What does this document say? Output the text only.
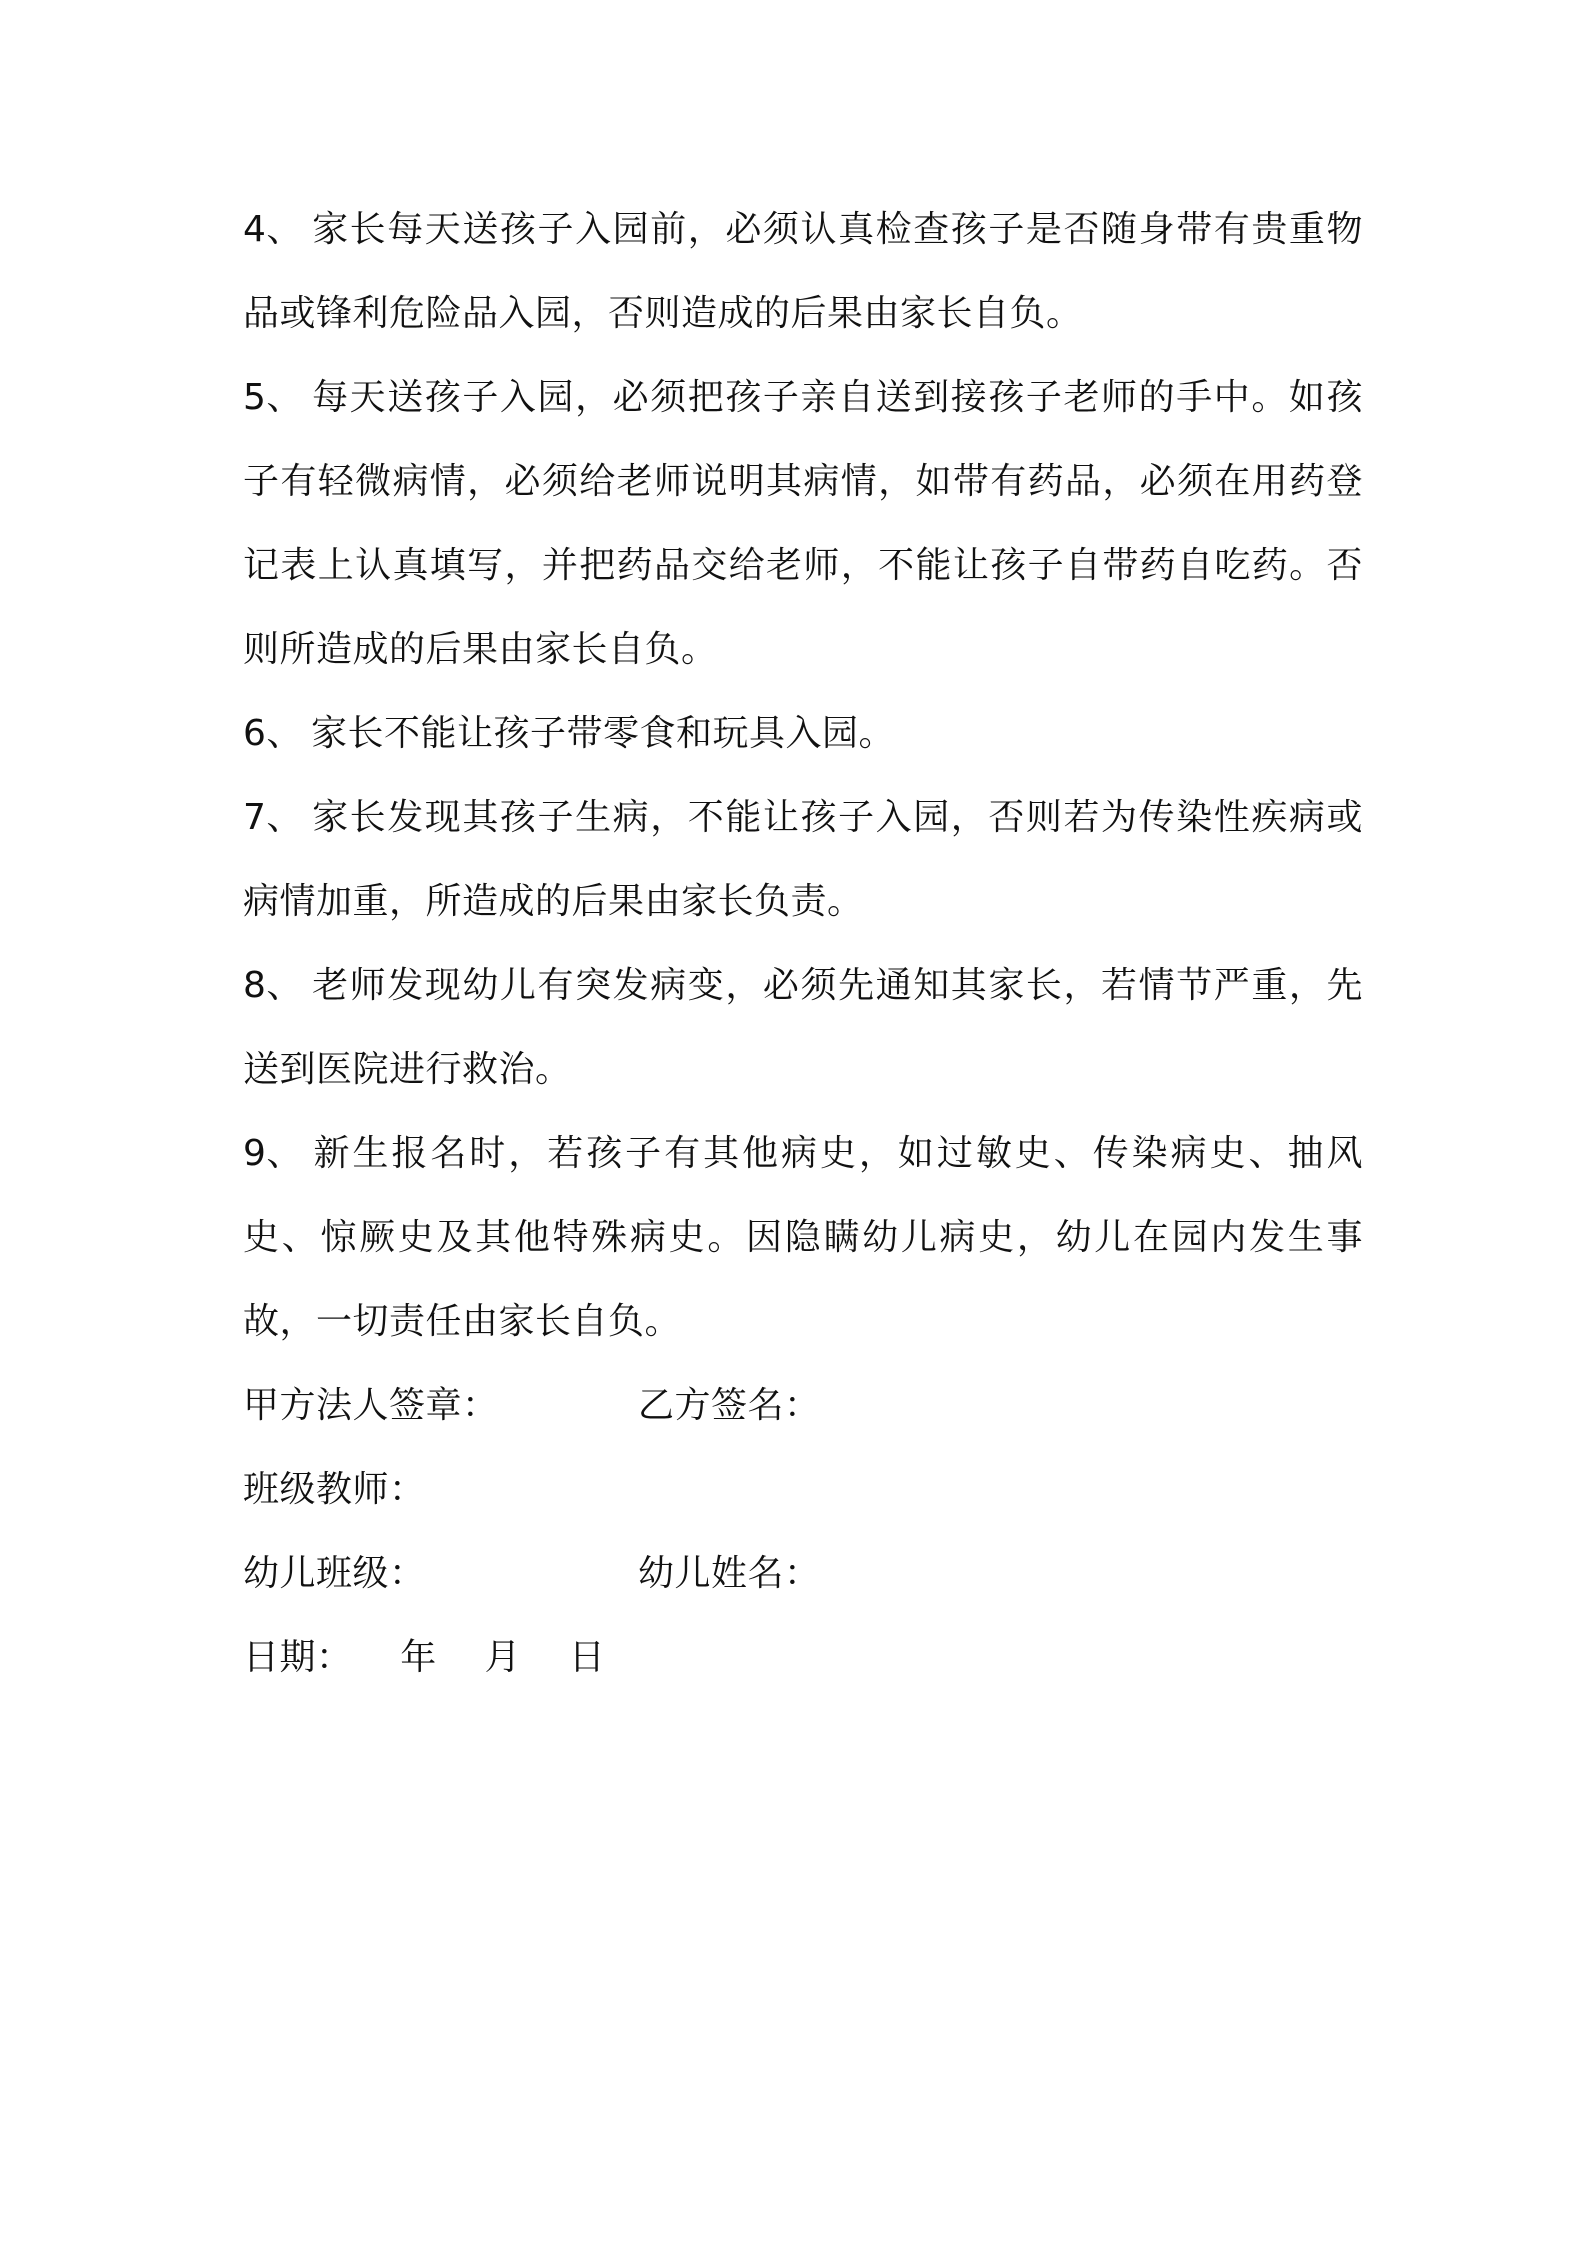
4、 家长每天送孩子入园前，必须认真检查孩子是否随身带有贵重物品或锋利危险品入园，否则造成的后果由家长自负。
5、 每天送孩子入园，必须把孩子亲自送到接孩子老师的手中。如孩子有轻微病情，必须给老师说明其病情，如带有药品，必须在用药登记表上认真填写，并把药品交给老师，不能让孩子自带药自吃药。否则所造成的后果由家长自负。
6、 家长不能让孩子带零食和玩具入园。
7、 家长发现其孩子生病，不能让孩子入园，否则若为传染性疾病或病情加重，所造成的后果由家长负责。
8、 老师发现幼儿有突发病变，必须先通知其家长，若情节严重，先送到医院进行救治。
9、 新生报名时，若孩子有其他病史，如过敏史、传染病史、抽风史、惊厥史及其他特殊病史。因隐瞒幼儿病史，幼儿在园内发生事故，一切责任由家长自负。
甲方法人签章：	乙方签名：
班级教师：
幼儿班级：	幼儿姓名：
日期：    年    月    日
